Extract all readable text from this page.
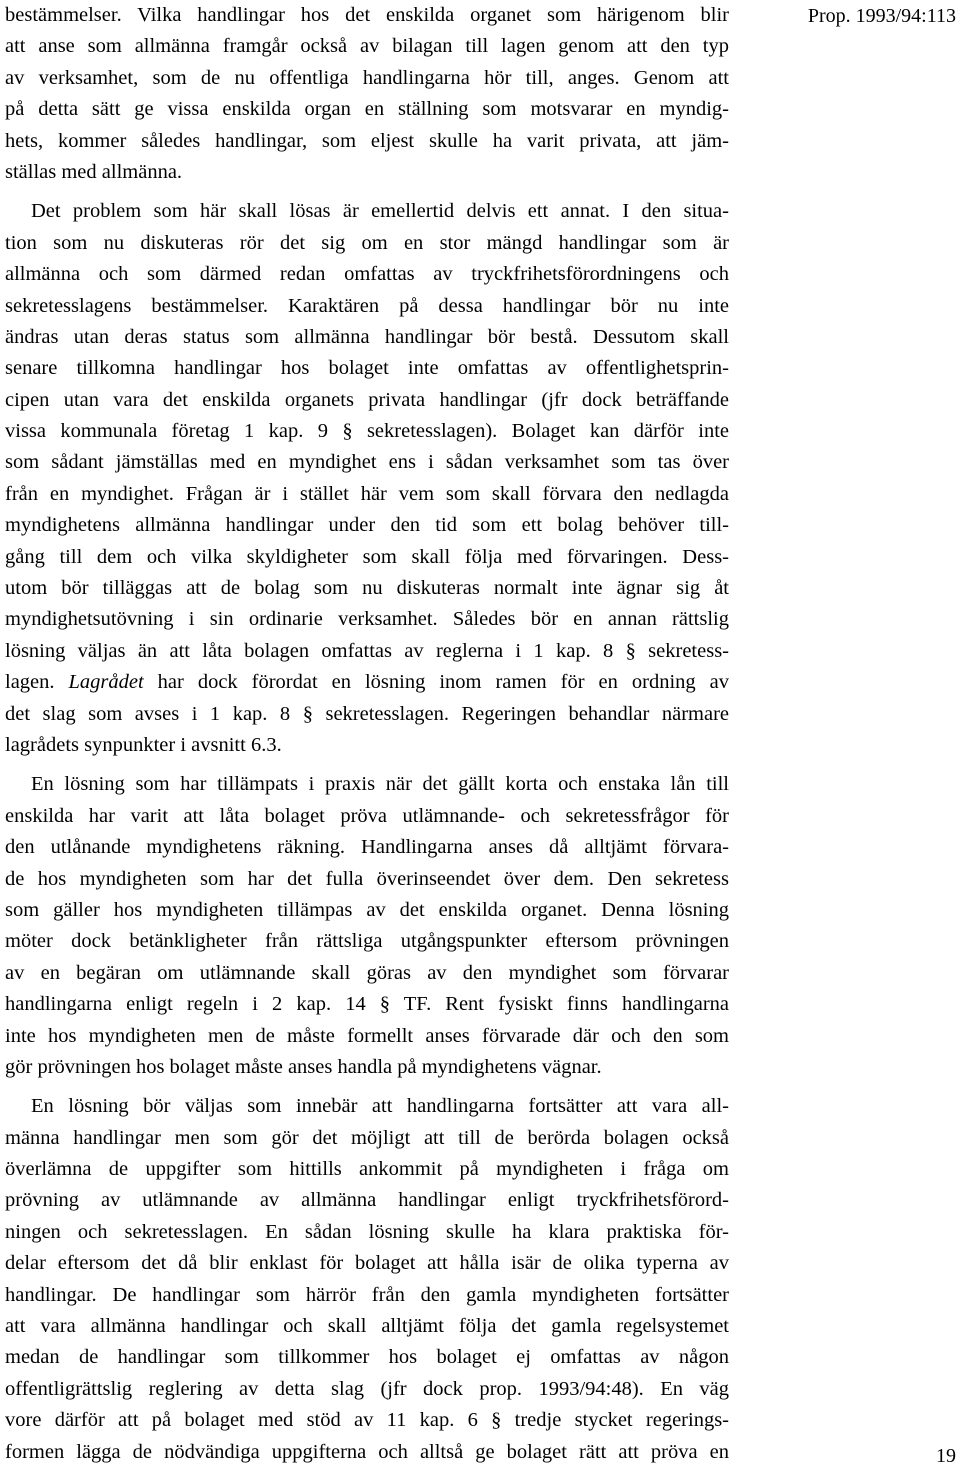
Prop. 1993/94:113
bestämmelser. Vilka handlingar hos det enskilda organet som härigenom blir
att anse som allmänna framgår också av bilagan till lagen genom att den typ
av verksamhet, som de nu offentliga handlingarna hör till, anges. Genom att
på detta sätt ge vissa enskilda organ en ställning som motsvarar en myndig-
hets, kommer således handlingar, som eljest skulle ha varit privata, att jäm-
ställas med allmänna.
Det problem som här skall lösas är emellertid delvis ett annat. I den situa-
tion som nu diskuteras rör det sig om en stor mängd handlingar som är
allmänna och som därmed redan omfattas av tryckfrihetsförordningens och
sekretesslagens bestämmelser. Karaktären på dessa handlingar bör nu inte
ändras utan deras status som allmänna handlingar bör bestå. Dessutom skall
senare tillkomna handlingar hos bolaget inte omfattas av offentlighetsprin-
cipen utan vara det enskilda organets privata handlingar (jfr dock beträffande
vissa kommunala företag 1 kap. 9 § sekretesslagen). Bolaget kan därför inte
som sådant jämställas med en myndighet ens i sådan verksamhet som tas över
från en myndighet. Frågan är i stället här vem som skall förvara den nedlagda
myndighetens allmänna handlingar under den tid som ett bolag behöver till-
gång till dem och vilka skyldigheter som skall följa med förvaringen. Dess-
utom bör tilläggas att de bolag som nu diskuteras normalt inte ägnar sig åt
myndighetsutövning i sin ordinarie verksamhet. Således bör en annan rättslig
lösning väljas än att låta bolagen omfattas av reglerna i 1 kap. 8 § sekretess-
lagen. Lagrådet har dock förordat en lösning inom ramen för en ordning av
det slag som avses i 1 kap. 8 § sekretesslagen. Regeringen behandlar närmare
lagrådets synpunkter i avsnitt 6.3.
En lösning som har tillämpats i praxis när det gällt korta och enstaka lån till
enskilda har varit att låta bolaget pröva utlämnande- och sekretessfrågor för
den utlånande myndighetens räkning. Handlingarna anses då alltjämt förvara-
de hos myndigheten som har det fulla överinseendet över dem. Den sekretess
som gäller hos myndigheten tillämpas av det enskilda organet. Denna lösning
möter dock betänkligheter från rättsliga utgångspunkter eftersom prövningen
av en begäran om utlämnande skall göras av den myndighet som förvarar
handlingarna enligt regeln i 2 kap. 14 § TF. Rent fysiskt finns handlingarna
inte hos myndigheten men de måste formellt anses förvarade där och den som
gör prövningen hos bolaget måste anses handla på myndighetens vägnar.
En lösning bör väljas som innebär att handlingarna fortsätter att vara all-
männa handlingar men som gör det möjligt att till de berörda bolagen också
överlämna de uppgifter som hittills ankommit på myndigheten i fråga om
prövning av utlämnande av allmänna handlingar enligt tryckfrihetsförord-
ningen och sekretesslagen. En sådan lösning skulle ha klara praktiska för-
delar eftersom det då blir enklast för bolaget att hålla isär de olika typerna av
handlingar. De handlingar som härrör från den gamla myndigheten fortsätter
att vara allmänna handlingar och skall alltjämt följa det gamla regelsystemet
medan de handlingar som tillkommer hos bolaget ej omfattas av någon
offentligrättslig reglering av detta slag (jfr dock prop. 1993/94:48). En väg
vore därför att på bolaget med stöd av 11 kap. 6 § tredje stycket regerings-
formen lägga de nödvändiga uppgifterna och alltså ge bolaget rätt att pröva en	19
